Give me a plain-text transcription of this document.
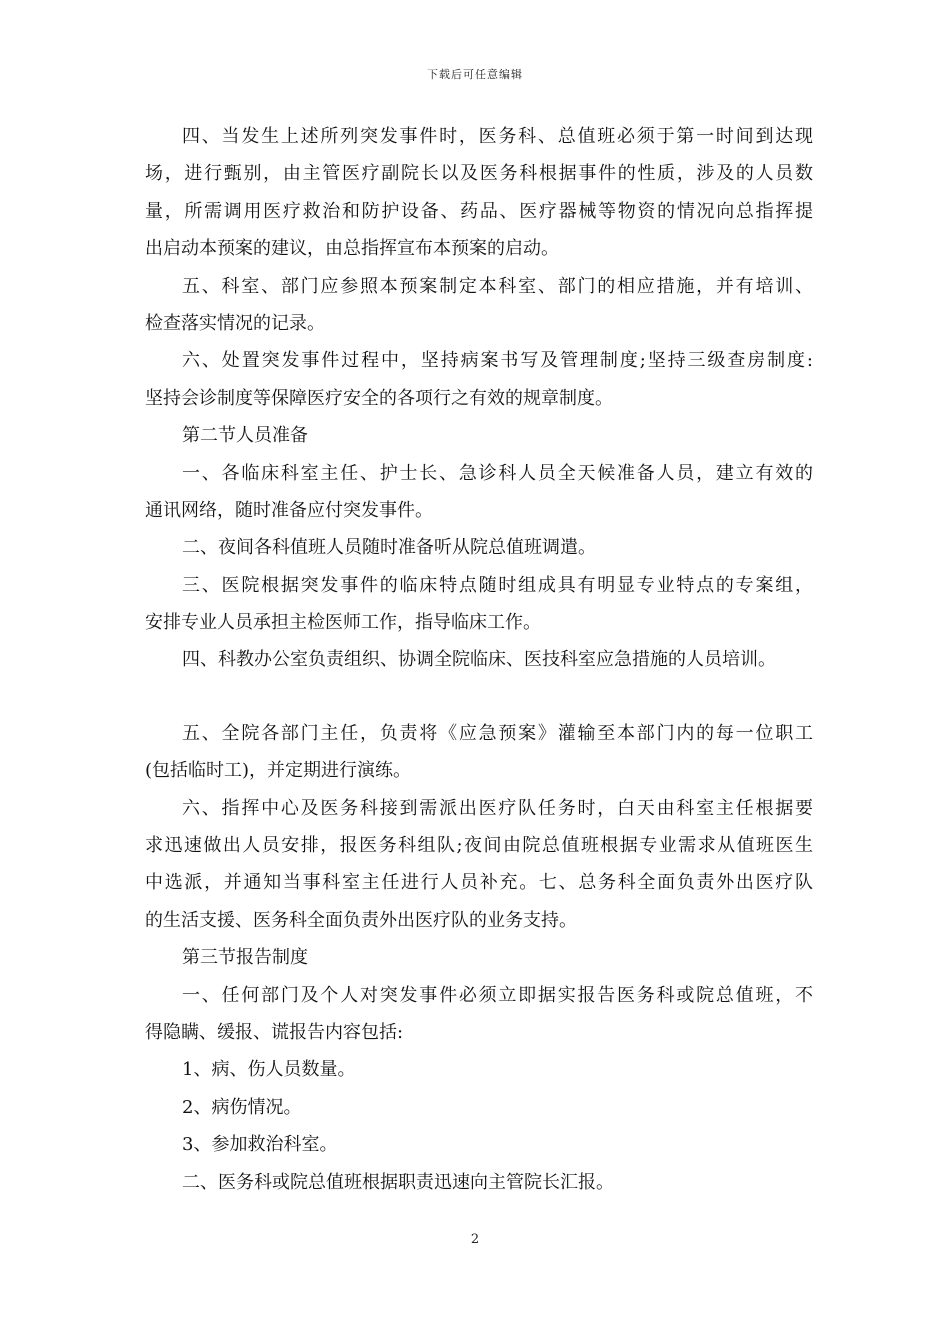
下载后可任意编辑
四、当发生上述所列突发事件时，医务科、总值班必须于第一时间到达现
场，进行甄别，由主管医疗副院长以及医务科根据事件的性质，涉及的人员数
量，所需调用医疗救治和防护设备、药品、医疗器械等物资的情况向总指挥提
出启动本预案的建议，由总指挥宣布本预案的启动。
五、科室、部门应参照本预案制定本科室、部门的相应措施，并有培训、
检查落实情况的记录。
六、处置突发事件过程中，坚持病案书写及管理制度;坚持三级查房制度:
坚持会诊制度等保障医疗安全的各项行之有效的规章制度。
第二节人员准备
一、各临床科室主任、护士长、急诊科人员全天候准备人员，建立有效的
通讯网络，随时准备应付突发事件。
二、夜间各科值班人员随时准备听从院总值班调遣。
三、医院根据突发事件的临床特点随时组成具有明显专业特点的专案组，
安排专业人员承担主检医师工作，指导临床工作。
四、科教办公室负责组织、协调全院临床、医技科室应急措施的人员培训。
五、全院各部门主任，负责将《应急预案》灌输至本部门内的每一位职工
(包括临时工)，并定期进行演练。
六、指挥中心及医务科接到需派出医疗队任务时，白天由科室主任根据要
求迅速做出人员安排，报医务科组队;夜间由院总值班根据专业需求从值班医生
中选派，并通知当事科室主任进行人员补充。七、总务科全面负责外出医疗队
的生活支援、医务科全面负责外出医疗队的业务支持。
第三节报告制度
一、任何部门及个人对突发事件必须立即据实报告医务科或院总值班，不
得隐瞒、缓报、谎报告内容包括:
1、病、伤人员数量。
2、病伤情况。
3、参加救治科室。
二、医务科或院总值班根据职责迅速向主管院长汇报。
2
